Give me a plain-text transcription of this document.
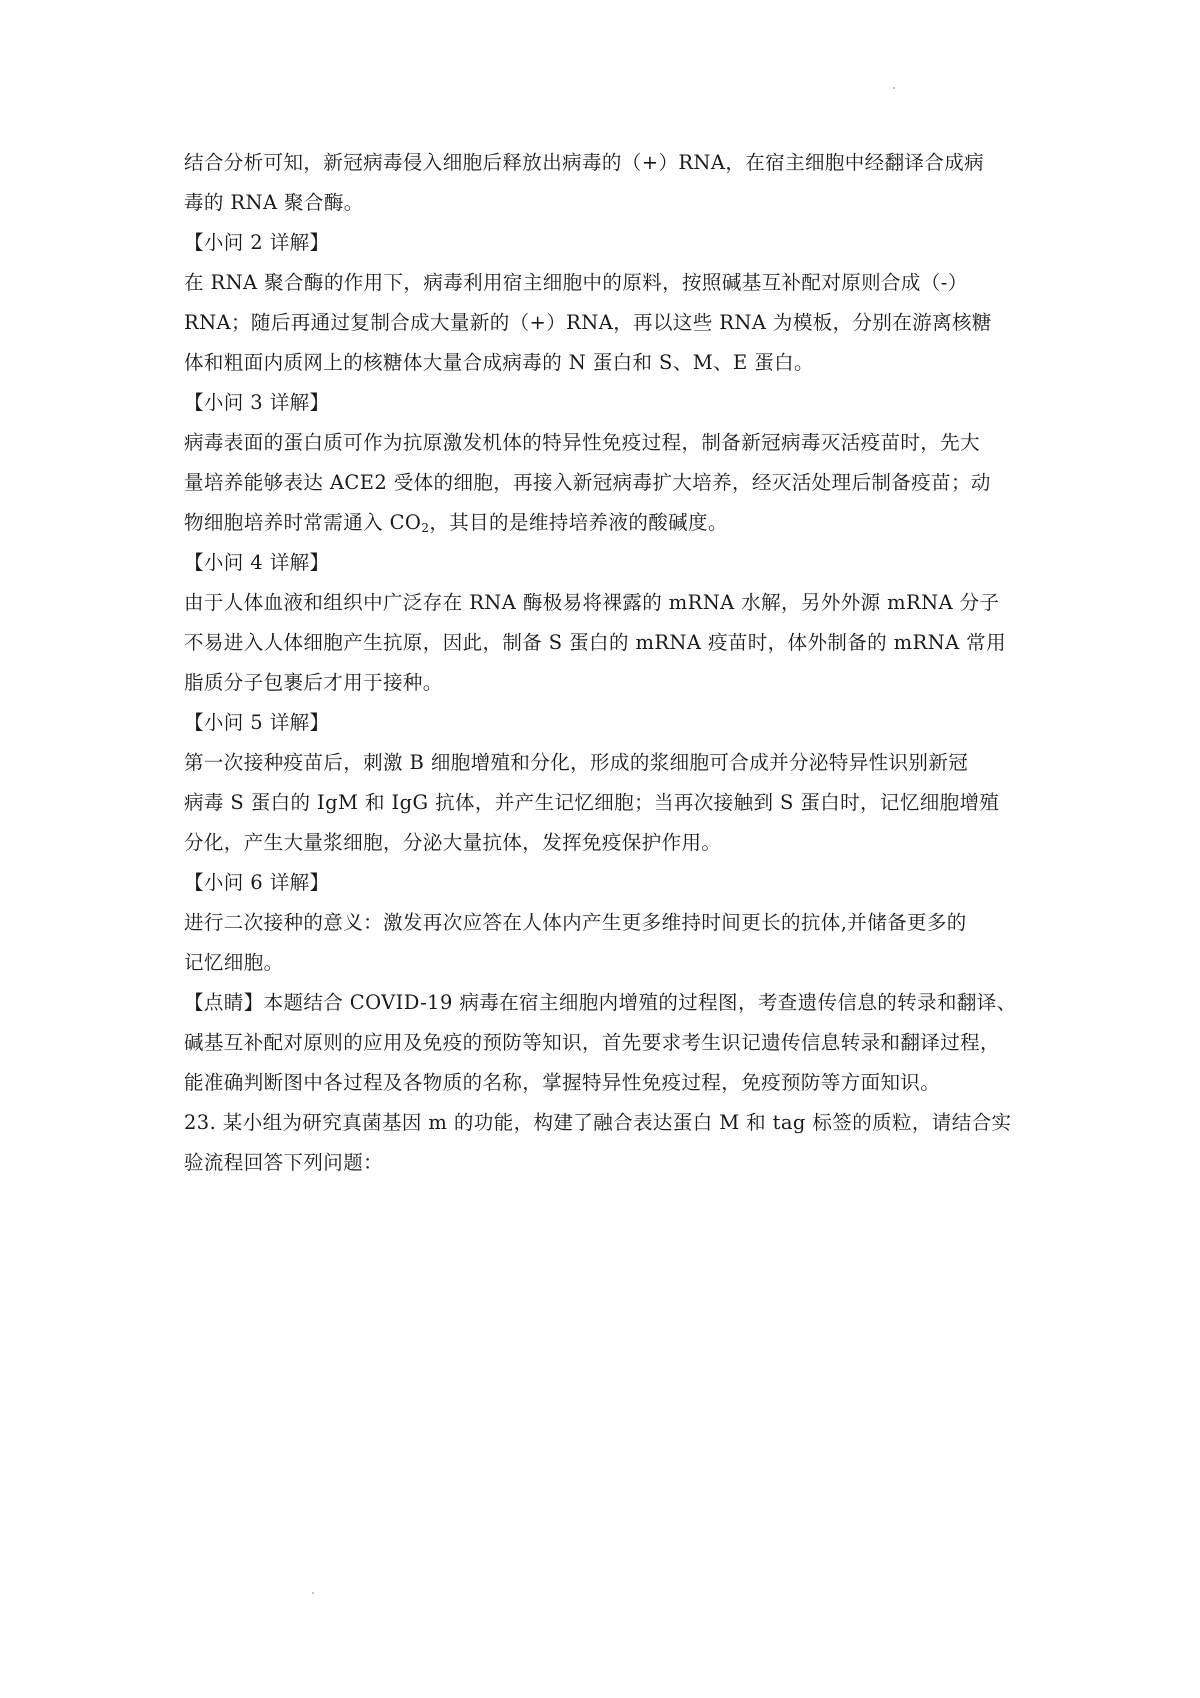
结合分析可知，新冠病毒侵入细胞后释放出病毒的（+）RNA，在宿主细胞中经翻译合成病
毒的 RNA 聚合酶。
【小问 2 详解】
在 RNA 聚合酶的作用下，病毒利用宿主细胞中的原料，按照碱基互补配对原则合成（-）
RNA；随后再通过复制合成大量新的（+）RNA，再以这些 RNA 为模板，分别在游离核糖
体和粗面内质网上的核糖体大量合成病毒的 N 蛋白和 S、M、E 蛋白。
【小问 3 详解】
病毒表面的蛋白质可作为抗原激发机体的特异性免疫过程，制备新冠病毒灭活疫苗时，先大
量培养能够表达 ACE2 受体的细胞，再接入新冠病毒扩大培养，经灭活处理后制备疫苗；动
物细胞培养时常需通入 $CO_2$，其目的是维持培养液的酸碱度。
【小问 4 详解】
由于人体血液和组织中广泛存在 RNA 酶极易将裸露的 mRNA 水解，另外外源 mRNA 分子
不易进入人体细胞产生抗原，因此，制备 S 蛋白的 mRNA 疫苗时，体外制备的 mRNA 常用
脂质分子包裹后才用于接种。
【小问 5 详解】
第一次接种疫苗后，刺激 B 细胞增殖和分化，形成的浆细胞可合成并分泌特异性识别新冠
病毒 S 蛋白的 IgM 和 IgG 抗体，并产生记忆细胞；当再次接触到 S 蛋白时，记忆细胞增殖
分化，产生大量浆细胞，分泌大量抗体，发挥免疫保护作用。
【小问 6 详解】
进行二次接种的意义：激发再次应答在人体内产生更多维持时间更长的抗体,并储备更多的
记忆细胞。
【点睛】本题结合 COVID-19 病毒在宿主细胞内增殖的过程图，考查遗传信息的转录和翻译、
碱基互补配对原则的应用及免疫的预防等知识，首先要求考生识记遗传信息转录和翻译过程，
能准确判断图中各过程及各物质的名称，掌握特异性免疫过程，免疫预防等方面知识。
23. 某小组为研究真菌基因 m 的功能，构建了融合表达蛋白 M 和 tag 标签的质粒，请结合实
验流程回答下列问题：
